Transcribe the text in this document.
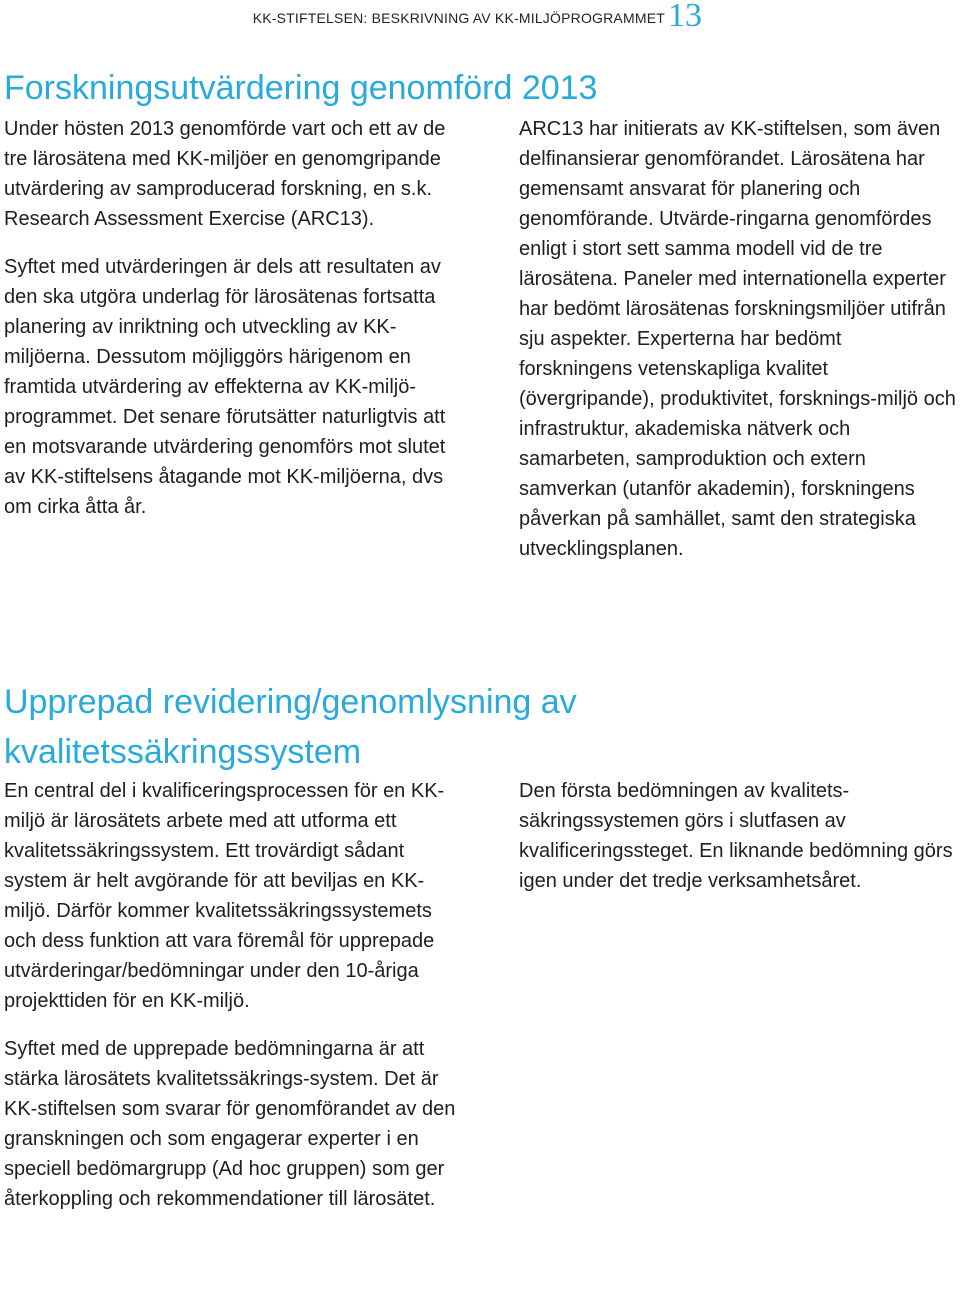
KK-STIFTELSEN: BESKRIVNING AV KK-MILJÖPROGRAMMET 13
Forskningsutvärdering genomförd 2013

Under hösten 2013 genomförde vart och ett av de tre lärosätena med KK-miljöer en genomgripande utvärdering av samproducerad forskning, en s.k. Research Assessment Exercise (ARC13).

Syftet med utvärderingen är dels att resultaten av den ska utgöra underlag för lärosätenas fortsatta planering av inriktning och utveckling av KK-miljöerna. Dessutom möjliggörs härigenom en framtida utvärdering av effekterna av KK-miljö-programmet. Det senare förutsätter naturligtvis att en motsvarande utvärdering genomförs mot slutet av KK-stiftelsens åtagande mot KK-miljöerna, dvs om cirka åtta år.

ARC13 har initierats av KK-stiftelsen, som även delfinansierar genomförandet. Lärosätena har gemensamt ansvarat för planering och genomförande. Utvärde-ringarna genomfördes enligt i stort sett samma modell vid de tre lärosätena. Paneler med internationella experter har bedömt lärosätenas forskningsmiljöer utifrån sju aspekter. Experterna har bedömt forskningens vetenskapliga kvalitet (övergripande), produktivitet, forsknings-miljö och infrastruktur, akademiska nätverk och samarbeten, samproduktion och extern samverkan (utanför akademin), forskningens påverkan på samhället, samt den strategiska utvecklingsplanen.

Upprepad revidering/genomlysning av kvalitetssäkringssystem

En central del i kvalificeringsprocessen för en KK-miljö är lärosätets arbete med att utforma ett kvalitetssäkringssystem. Ett trovärdigt sådant system är helt avgörande för att beviljas en KK-miljö. Därför kommer kvalitetssäkringssystemets och dess funktion att vara föremål för upprepade utvärderingar/bedömningar under den 10-åriga projekttiden för en KK-miljö.

Syftet med de upprepade bedömningarna är att stärka lärosätets kvalitetssäkrings-system. Det är KK-stiftelsen som svarar för genomförandet av den granskningen och som engagerar experter i en speciell bedömargrupp (Ad hoc gruppen) som ger återkoppling och rekommendationer till lärosätet.

Den första bedömningen av kvalitets-säkringssystemen görs i slutfasen av kvalificeringssteget. En liknande bedömning görs igen under det tredje verksamhetsåret.
